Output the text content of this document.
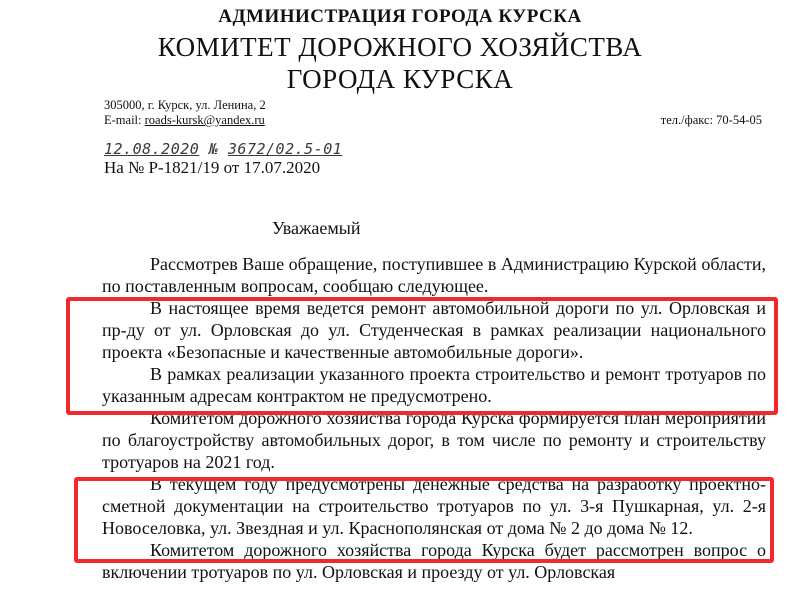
АДМИНИСТРАЦИЯ ГОРОДА КУРСКА
КОМИТЕТ ДОРОЖНОГО ХОЗЯЙСТВА
ГОРОДА КУРСКА
305000, г. Курск, ул. Ленина, 2
E-mail: roads-kursk@yandex.ru	тел./факс: 70-54-05
12.08.2020 № 3672/02.5-01
На № Р-1821/19 от 17.07.2020
Уважаемый

Рассмотрев Ваше обращение, поступившее в Администрацию Курской области, по поставленным вопросам, сообщаю следующее.

В настоящее время ведется ремонт автомобильной дороги по ул. Орловская и пр-ду от ул. Орловская до ул. Студенческая в рамках реализации национального проекта «Безопасные и качественные автомобильные дороги».

В рамках реализации указанного проекта строительство и ремонт тротуаров по указанным адресам контрактом не предусмотрено.

Комитетом дорожного хозяйства города Курска формируется план мероприятий по благоустройству автомобильных дорог, в том числе по ремонту и строительству тротуаров на 2021 год.

В текущем году предусмотрены денежные средства на разработку проектно-сметной документации на строительство тротуаров по ул. 3-я Пушкарная, ул. 2-я Новоселовка, ул. Звездная и ул. Краснополянская от дома № 2 до дома № 12.

Комитетом дорожного хозяйства города Курска будет рассмотрен вопрос о включении тротуаров по ул. Орловская и проезду от ул. Орловская
